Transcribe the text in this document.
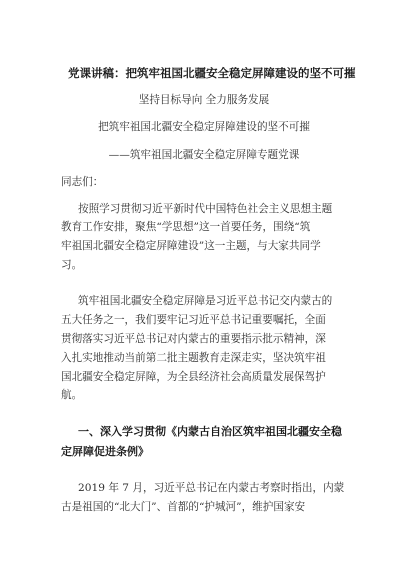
党课讲稿：把筑牢祖国北疆安全稳定屏障建设的坚不可摧
坚持目标导向 全力服务发展
把筑牢祖国北疆安全稳定屏障建设的坚不可摧
——筑牢祖国北疆安全稳定屏障专题党课
同志们：
按照学习贯彻习近平新时代中国特色社会主义思想主题
教育工作安排，聚焦“学思想”这一首要任务，围绕“筑
牢祖国北疆安全稳定屏障建设”这一主题，与大家共同学
习。
筑牢祖国北疆安全稳定屏障是习近平总书记交内蒙古的
五大任务之一，我们要牢记习近平总书记重要嘱托，全面
贯彻落实习近平总书记对内蒙古的重要指示批示精神，深
入扎实地推动当前第二批主题教育走深走实，坚决筑牢祖
国北疆安全稳定屏障，为全县经济社会高质量发展保驾护
航。
一、深入学习贯彻《内蒙古自治区筑牢祖国北疆安全稳
定屏障促进条例》
2019 年 7 月，习近平总书记在内蒙古考察时指出，内蒙
古是祖国的“北大门”、首都的“护城河”，维护国家安
